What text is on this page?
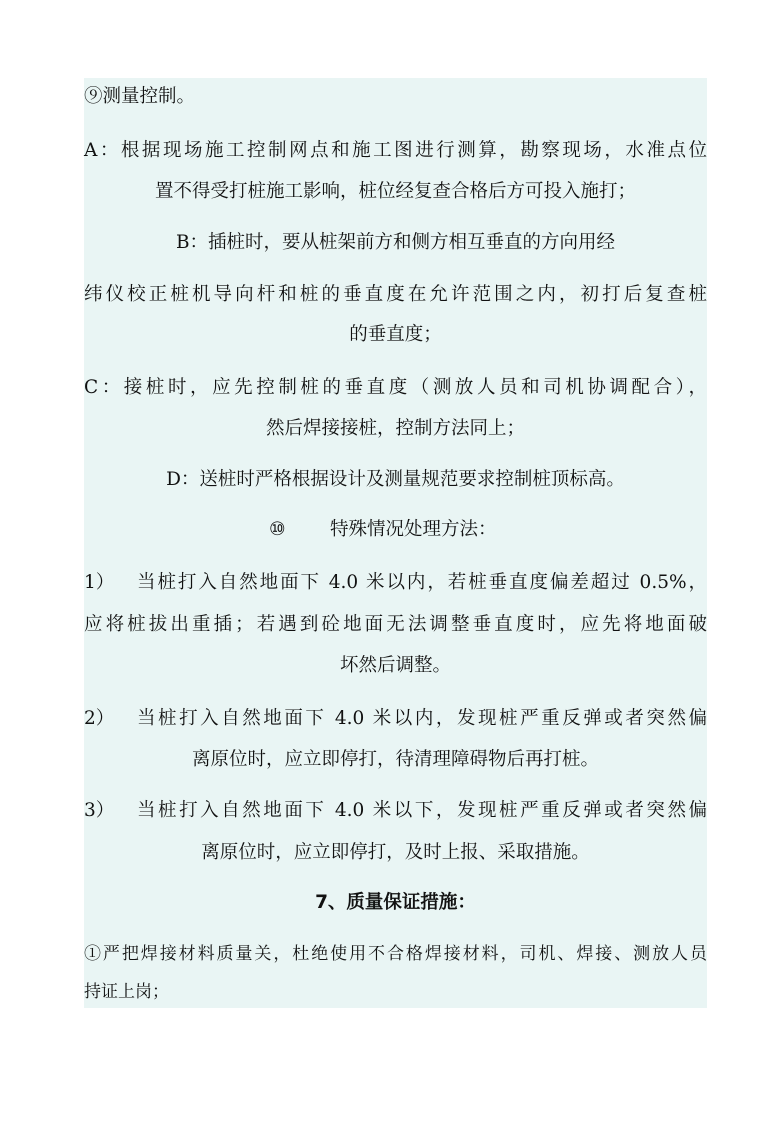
⑨测量控制。
A：根据现场施工控制网点和施工图进行测算，勘察现场，水准点位
置不得受打桩施工影响，桩位经复查合格后方可投入施打；
B：插桩时，要从桩架前方和侧方相互垂直的方向用经
纬仪校正桩机导向杆和桩的垂直度在允许范围之内，初打后复查桩
的垂直度；
C：接桩时，应先控制桩的垂直度（测放人员和司机协调配合），
然后焊接接桩，控制方法同上；
D：送桩时严格根据设计及测量规范要求控制桩顶标高。
⑩ 特殊情况处理方法：
1） 当桩打入自然地面下 4.0 米以内，若桩垂直度偏差超过 0.5%，
应将桩拔出重插；若遇到砼地面无法调整垂直度时，应先将地面破
坏然后调整。
2） 当桩打入自然地面下 4.0 米以内，发现桩严重反弹或者突然偏
离原位时，应立即停打，待清理障碍物后再打桩。
3） 当桩打入自然地面下 4.0 米以下，发现桩严重反弹或者突然偏
离原位时，应立即停打，及时上报、采取措施。
7、质量保证措施：
①严把焊接材料质量关，杜绝使用不合格焊接材料，司机、焊接、测放人员
持证上岗；
